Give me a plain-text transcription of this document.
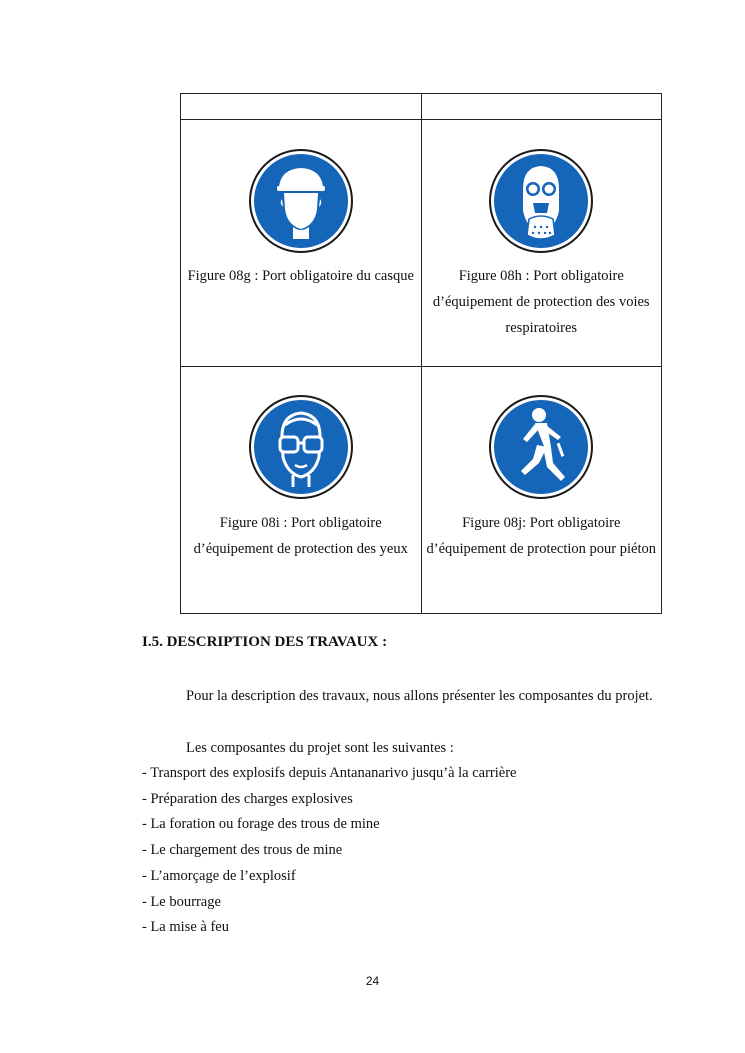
Figure 08g : Port obligatoire du casque	Figure 08h : Port obligatoire d’équipement de protection des voies respiratoires

Figure 08i : Port obligatoire d’équipement de protection des yeux	Figure 08j: Port obligatoire d’équipement de protection pour piéton
I.5. DESCRIPTION DES TRAVAUX :
Pour la description des travaux, nous allons présenter les composantes du projet.
Les composantes du projet sont les suivantes :
- Transport des explosifs depuis Antananarivo jusqu’à la carrière
- Préparation des charges explosives
- La foration ou forage des trous de mine
- Le chargement des trous de mine
- L’amorçage de l’explosif
- Le bourrage
- La mise à feu
24
